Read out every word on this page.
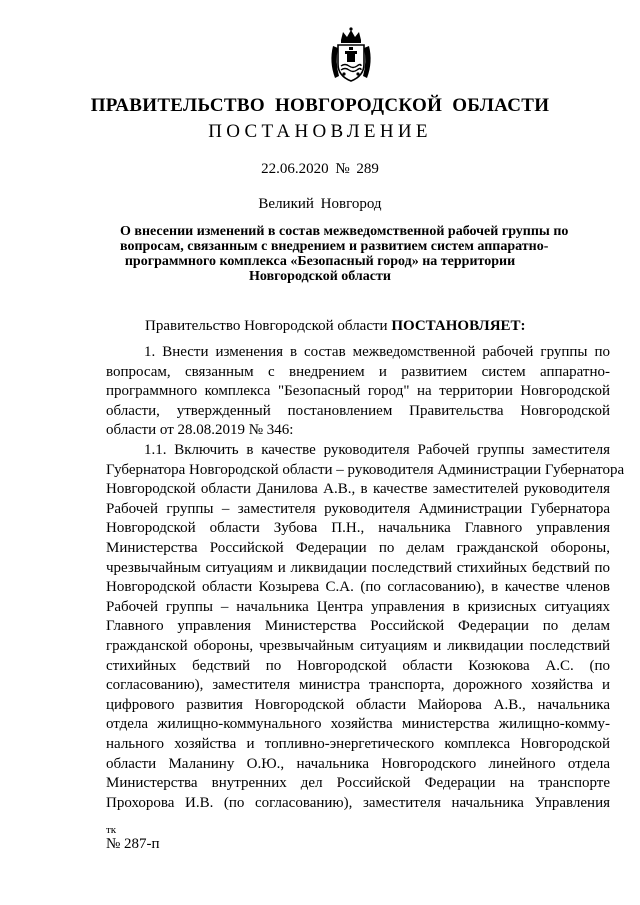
ПРАВИТЕЛЬСТВО НОВГОРОДСКОЙ ОБЛАСТИ
ПОСТАНОВЛЕНИЕ
22.06.2020 № 289
Великий Новгород
О внесении изменений в состав межведомственной рабочей группы по
вопросам, связанным с внедрением и развитием систем аппаратно-
программного комплекса «Безопасный город» на территории
Новгородской области
Правительство Новгородской области ПОСТАНОВЛЯЕТ:
1. Внести изменения в состав межведомственной рабочей группы по
вопросам, связанным с внедрением и развитием систем аппаратно-
программного комплекса "Безопасный город" на территории Новгородской
области, утвержденный постановлением Правительства Новгородской
области от 28.08.2019 № 346:
1.1. Включить в качестве руководителя Рабочей группы заместителя
Губернатора Новгородской области – руководителя Администрации Губернатора
Новгородской области Данилова А.В., в качестве заместителей руководителя
Рабочей группы – заместителя руководителя Администрации Губернатора
Новгородской области Зубова П.Н., начальника Главного управления
Министерства Российской Федерации по делам гражданской обороны,
чрезвычайным ситуациям и ликвидации последствий стихийных бедствий по
Новгородской области Козырева С.А. (по согласованию), в качестве членов
Рабочей группы – начальника Центра управления в кризисных ситуациях
Главного управления Министерства Российской Федерации по делам
гражданской обороны, чрезвычайным ситуациям и ликвидации последствий
стихийных бедствий по Новгородской области Козюкова А.С. (по
согласованию), заместителя министра транспорта, дорожного хозяйства и
цифрового развития Новгородской области Майорова А.В., начальника
отдела жилищно-коммунального хозяйства министерства жилищно-комму-
нального хозяйства и топливно-энергетического комплекса Новгородской
области Маланину О.Ю., начальника Новгородского линейного отдела
Министерства внутренних дел Российской Федерации на транспорте
Прохорова И.В. (по согласованию), заместителя начальника Управления
тк
№ 287-п
